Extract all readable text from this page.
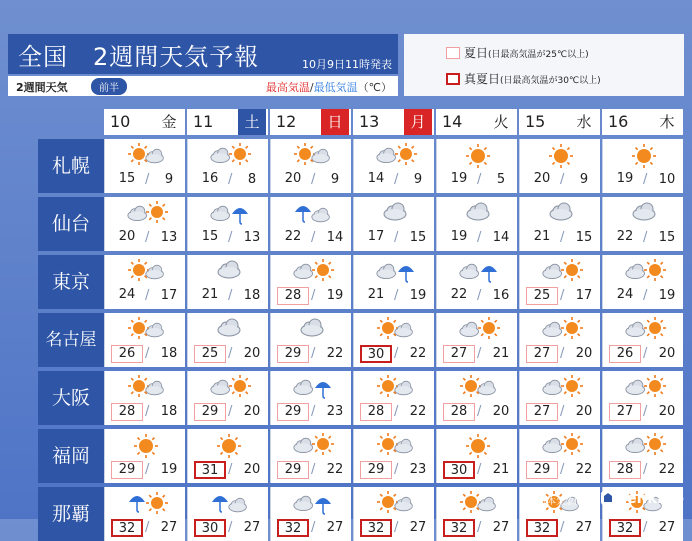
全国　2週間天気予報	10月9日11時発表
2週間天気	前半	最高気温/最低気温（℃）
夏日(日最高気温が25℃以上)
真夏日(日最高気温が30℃以上)
10	金	11	土	12	日	13	月	14	火	15	水	16	木
札幌
15 /	9	16 /	8	20 /	9	14 /	9	19 /	5	20 /	9	19 / 10
仙台
20 / 13	15 / 13	22 / 14	17 / 15	19 / 14	21 / 15	22 / 15
東京
24 / 17	21 / 18	28 / 19	21 / 19	22 / 16	25 / 17	24 / 19
名古屋
26 / 18	25 / 20	29 / 22	30 / 22	27 / 21	27 / 20	26 / 20
大阪
28 / 18	29 / 20	29 / 23	28 / 22	28 / 20	27 / 20	27 / 20
福岡
29 / 19	31 / 20	29 / 22	29 / 23	30 / 21	29 / 22	28 / 22
那覇
32 / 27	30 / 27	32 / 27	32 / 27	32 / 27	32 / 27	32 / 27
日本気象協会	tenki.jp
